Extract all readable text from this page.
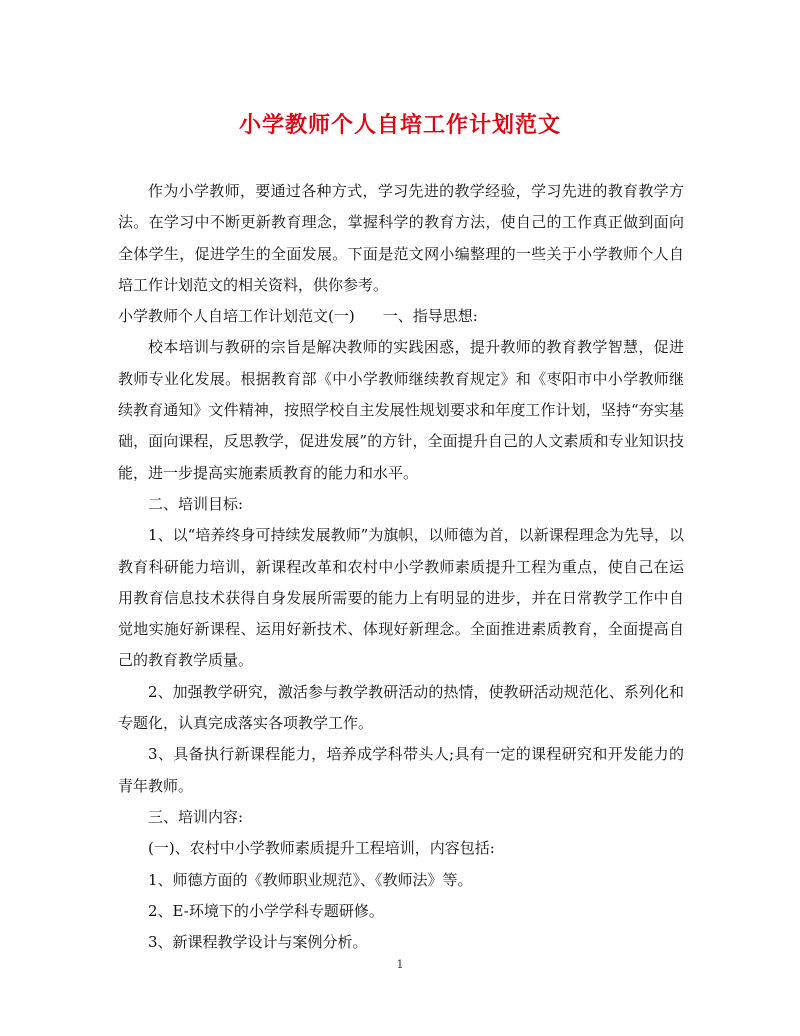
小学教师个人自培工作计划范文

作为小学教师，要通过各种方式，学习先进的教学经验，学习先进的教育教学方法。在学习中不断更新教育理念，掌握科学的教育方法，使自己的工作真正做到面向全体学生，促进学生的全面发展。下面是范文网小编整理的一些关于小学教师个人自培工作计划范文的相关资料，供你参考。

小学教师个人自培工作计划范文(一) 一、指导思想:

校本培训与教研的宗旨是解决教师的实践困惑，提升教师的教育教学智慧，促进教师专业化发展。根据教育部《中小学教师继续教育规定》和《枣阳市中小学教师继续教育通知》文件精神，按照学校自主发展性规划要求和年度工作计划，坚持“夯实基础，面向课程，反思教学，促进发展”的方针，全面提升自己的人文素质和专业知识技能，进一步提高实施素质教育的能力和水平。

二、培训目标:

1、以“培养终身可持续发展教师”为旗帜，以师德为首，以新课程理念为先导，以教育科研能力培训，新课程改革和农村中小学教师素质提升工程为重点，使自己在运用教育信息技术获得自身发展所需要的能力上有明显的进步，并在日常教学工作中自觉地实施好新课程、运用好新技术、体现好新理念。全面推进素质教育，全面提高自己的教育教学质量。

2、加强教学研究，激活参与教学教研活动的热情，使教研活动规范化、系列化和专题化，认真完成落实各项教学工作。

3、具备执行新课程能力，培养成学科带头人;具有一定的课程研究和开发能力的青年教师。

三、培训内容:

(一)、农村中小学教师素质提升工程培训，内容包括:

1、师德方面的《教师职业规范》、《教师法》等。

2、E-环境下的小学学科专题研修。

3、新课程教学设计与案例分析。

1
